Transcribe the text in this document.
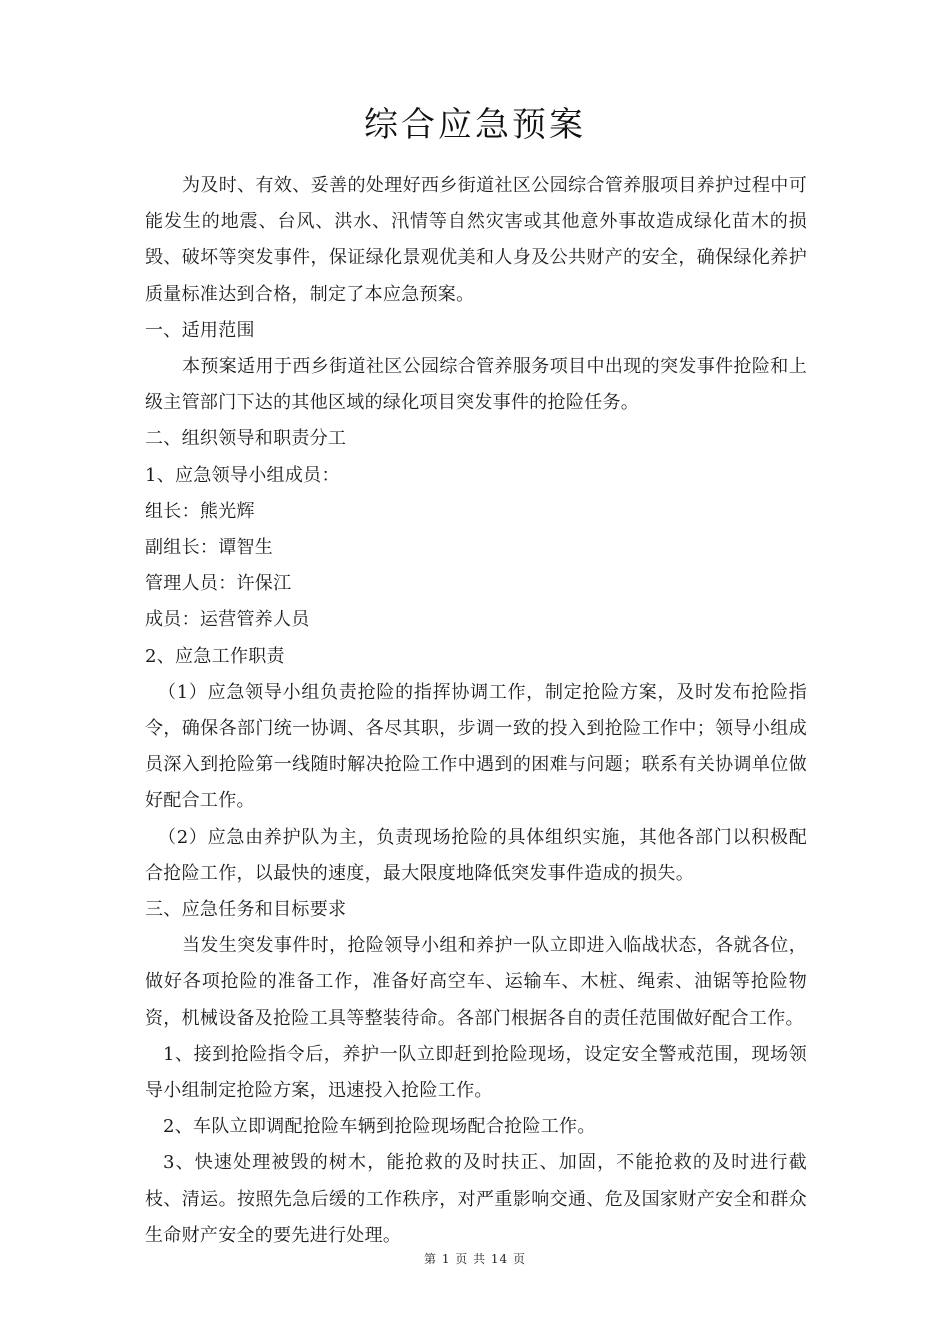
综合应急预案

为及时、有效、妥善的处理好西乡街道社区公园综合管养服项目养护过程中可能发生的地震、台风、洪水、汛情等自然灾害或其他意外事故造成绿化苗木的损毁、破坏等突发事件，保证绿化景观优美和人身及公共财产的安全，确保绿化养护质量标准达到合格，制定了本应急预案。

一、适用范围

本预案适用于西乡街道社区公园综合管养服务项目中出现的突发事件抢险和上级主管部门下达的其他区域的绿化项目突发事件的抢险任务。

二、组织领导和职责分工

1、应急领导小组成员：

组长：熊光辉

副组长：谭智生

管理人员：许保江

成员：运营管养人员

2、应急工作职责

（1）应急领导小组负责抢险的指挥协调工作，制定抢险方案，及时发布抢险指令，确保各部门统一协调、各尽其职，步调一致的投入到抢险工作中；领导小组成员深入到抢险第一线随时解决抢险工作中遇到的困难与问题；联系有关协调单位做好配合工作。

（2）应急由养护队为主，负责现场抢险的具体组织实施，其他各部门以积极配合抢险工作，以最快的速度，最大限度地降低突发事件造成的损失。

三、应急任务和目标要求

当发生突发事件时，抢险领导小组和养护一队立即进入临战状态，各就各位，做好各项抢险的准备工作，准备好高空车、运输车、木桩、绳索、油锯等抢险物资，机械设备及抢险工具等整装待命。各部门根据各自的责任范围做好配合工作。

1、接到抢险指令后，养护一队立即赶到抢险现场，设定安全警戒范围，现场领导小组制定抢险方案，迅速投入抢险工作。

2、车队立即调配抢险车辆到抢险现场配合抢险工作。

3、快速处理被毁的树木，能抢救的及时扶正、加固，不能抢救的及时进行截枝、清运。按照先急后缓的工作秩序，对严重影响交通、危及国家财产安全和群众生命财产安全的要先进行处理。

第 1 页 共 14 页
